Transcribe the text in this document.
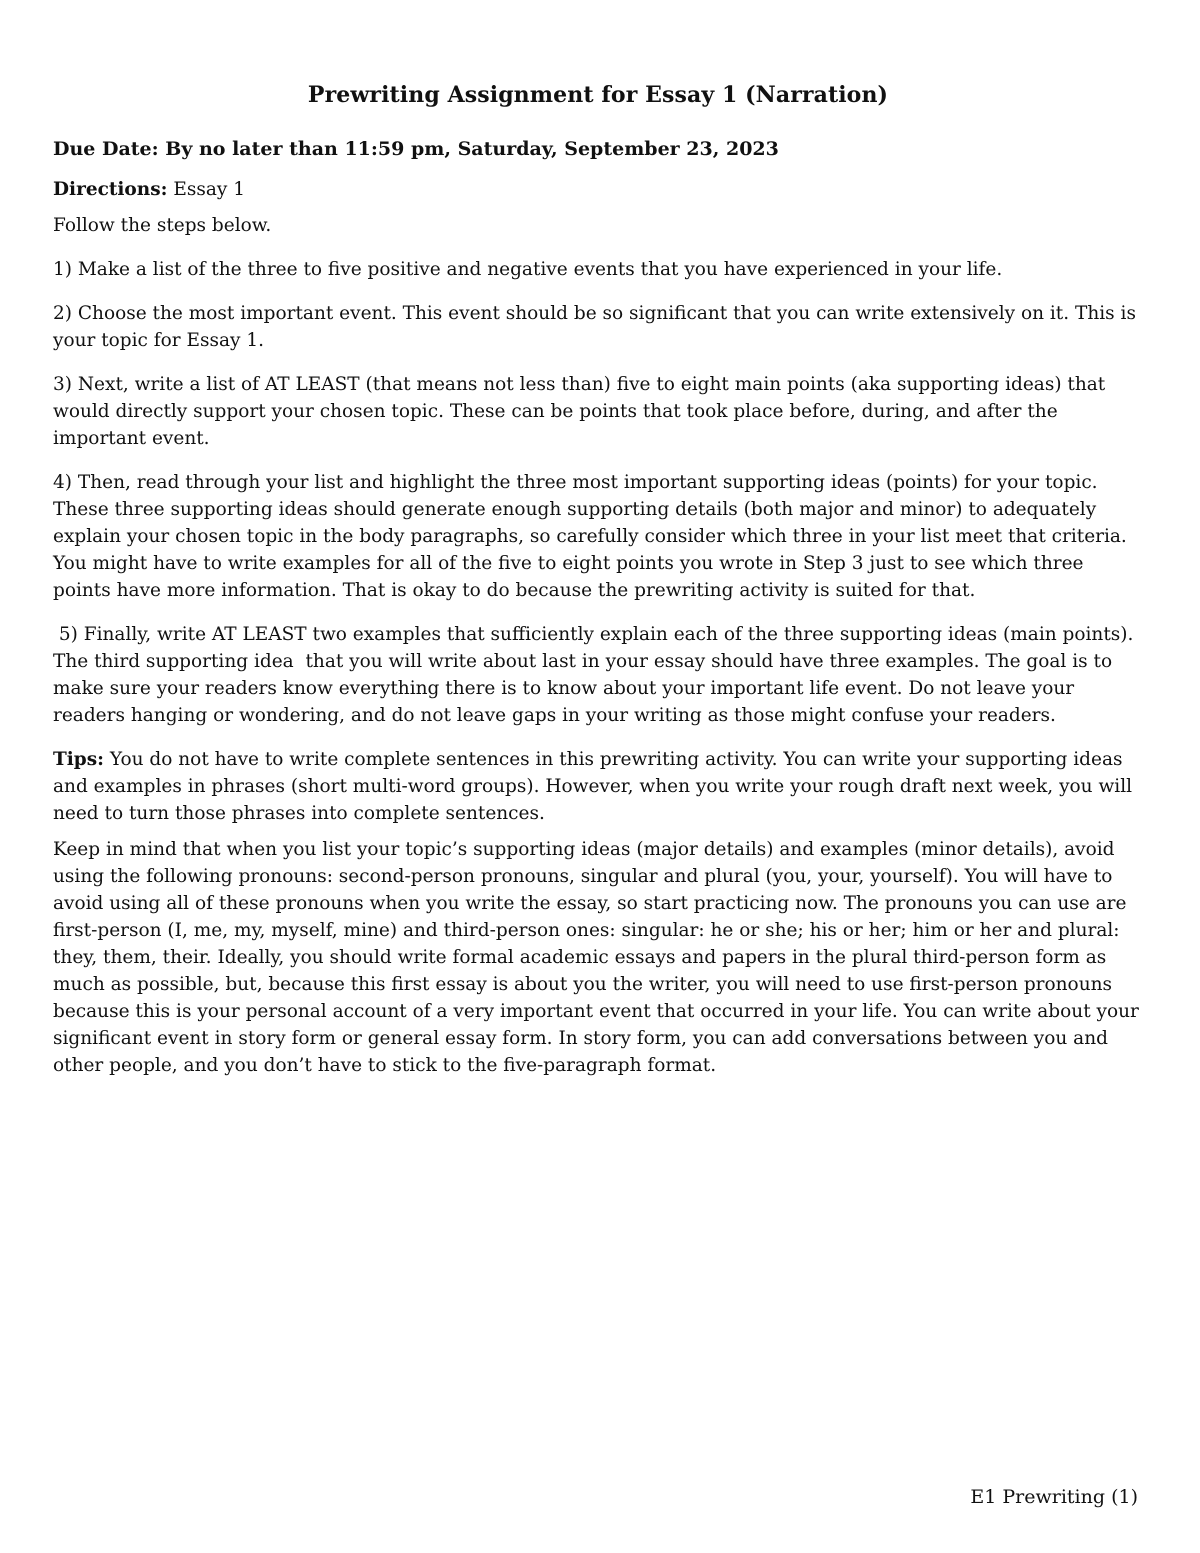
Prewriting Assignment for Essay 1 (Narration)
Due Date: By no later than 11:59 pm, Saturday, September 23, 2023

Directions: Essay 1

Follow the steps below.

1) Make a list of the three to five positive and negative events that you have experienced in your life.

2) Choose the most important event. This event should be so significant that you can write extensively on it. This is your topic for Essay 1.

3) Next, write a list of AT LEAST (that means not less than) five to eight main points (aka supporting ideas) that would directly support your chosen topic. These can be points that took place before, during, and after the important event.

4) Then, read through your list and highlight the three most important supporting ideas (points) for your topic. These three supporting ideas should generate enough supporting details (both major and minor) to adequately explain your chosen topic in the body paragraphs, so carefully consider which three in your list meet that criteria. You might have to write examples for all of the five to eight points you wrote in Step 3 just to see which three points have more information. That is okay to do because the prewriting activity is suited for that.

5) Finally, write AT LEAST two examples that sufficiently explain each of the three supporting ideas (main points). The third supporting idea  that you will write about last in your essay should have three examples. The goal is to make sure your readers know everything there is to know about your important life event. Do not leave your readers hanging or wondering, and do not leave gaps in your writing as those might confuse your readers.

Tips: You do not have to write complete sentences in this prewriting activity. You can write your supporting ideas and examples in phrases (short multi-word groups). However, when you write your rough draft next week, you will need to turn those phrases into complete sentences.

Keep in mind that when you list your topic’s supporting ideas (major details) and examples (minor details), avoid using the following pronouns: second-person pronouns, singular and plural (you, your, yourself). You will have to avoid using all of these pronouns when you write the essay, so start practicing now. The pronouns you can use are first-person (I, me, my, myself, mine) and third-person ones: singular: he or she; his or her; him or her and plural: they, them, their. Ideally, you should write formal academic essays and papers in the plural third-person form as much as possible, but, because this first essay is about you the writer, you will need to use first-person pronouns because this is your personal account of a very important event that occurred in your life. You can write about your significant event in story form or general essay form. In story form, you can add conversations between you and other people, and you don’t have to stick to the five-paragraph format.

E1 Prewriting (1)
